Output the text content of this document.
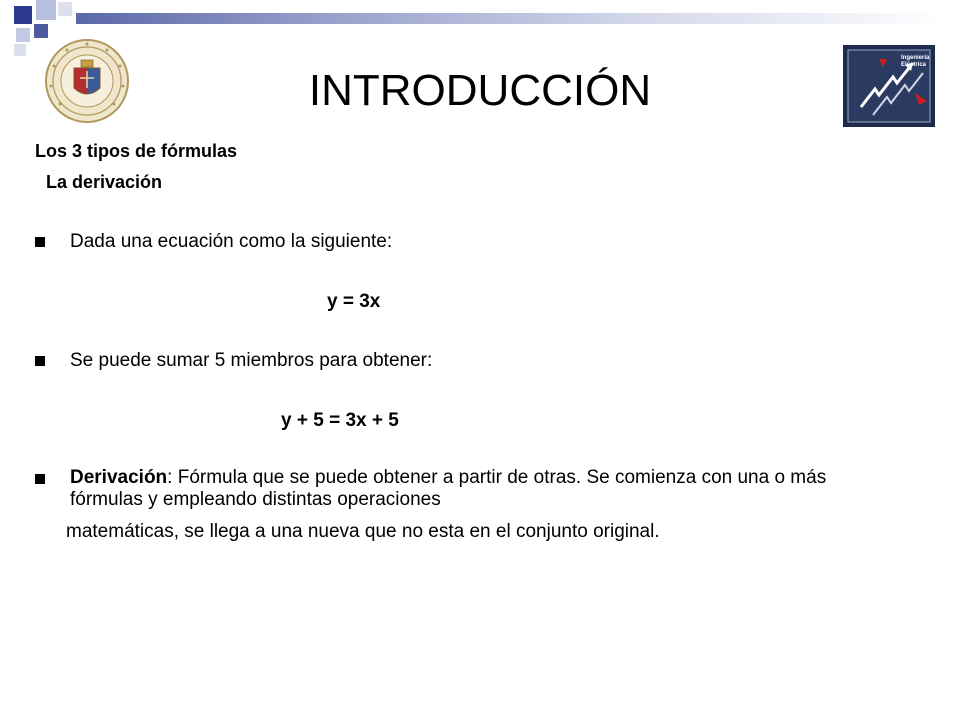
Ingeniería
Eléctrica
INTRODUCCIÓN
Los 3 tipos de fórmulas
La derivación
Dada una ecuación como la siguiente:
y = 3x
Se puede sumar 5 miembros para obtener:
y + 5 = 3x + 5
Derivación: Fórmula que se puede obtener a partir de otras. Se comienza con una o más fórmulas y empleando distintas operaciones
matemáticas, se llega a una nueva que no esta en el conjunto original.
